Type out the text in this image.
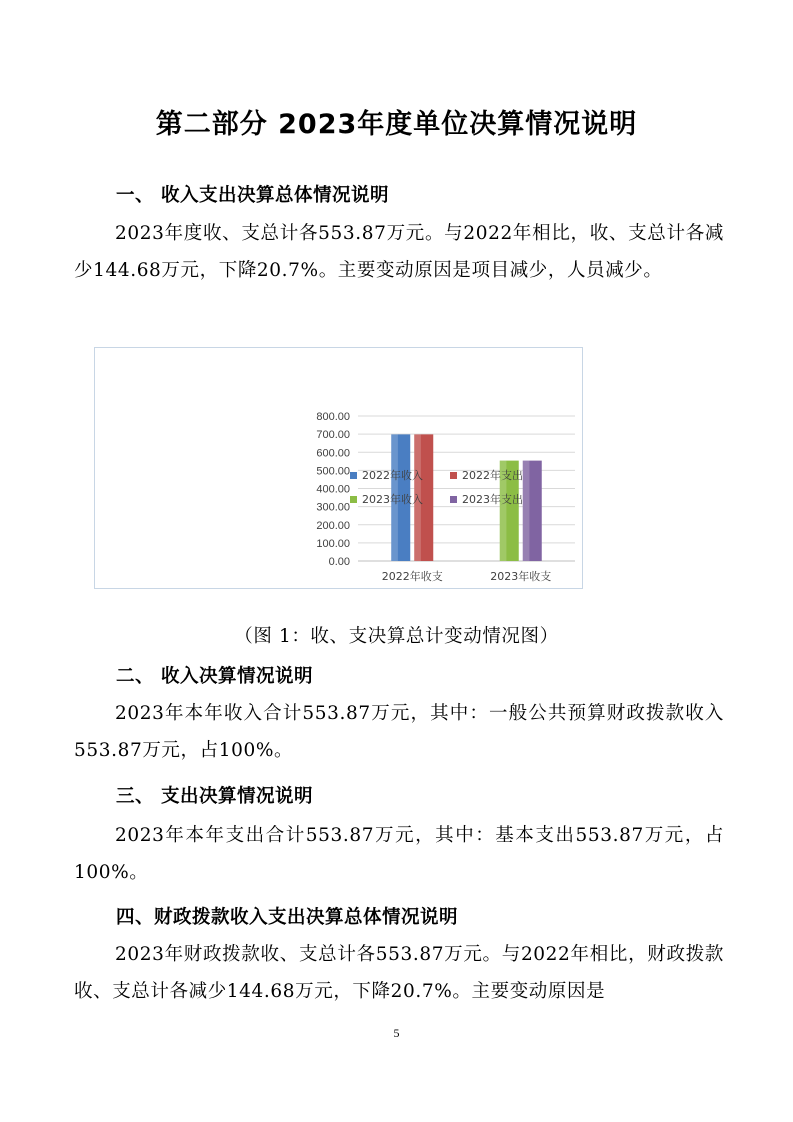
第二部分 2023年度单位决算情况说明
一、 收入支出决算总体情况说明

2023年度收、支总计各553.87万元。与2022年相比，收、支总计各减少144.68万元，下降20.7%。主要变动原因是项目减少，人员减少。

800.00
700.00
600.00
500.00
400.00
300.00
200.00
100.00
0.00
2022年收支	2023年收支
2022年收入	2022年支出
2023年收入	2023年支出
（图 1：收、支决算总计变动情况图）
二、 收入决算情况说明

2023年本年收入合计553.87万元，其中：一般公共预算财政拨款收入553.87万元，占100%。

三、 支出决算情况说明

2023年本年支出合计553.87万元，其中：基本支出553.87万元，占100%。

四、财政拨款收入支出决算总体情况说明

2023年财政拨款收、支总计各553.87万元。与2022年相比，财政拨款收、支总计各减少144.68万元，下降20.7%。主要变动原因是

5
